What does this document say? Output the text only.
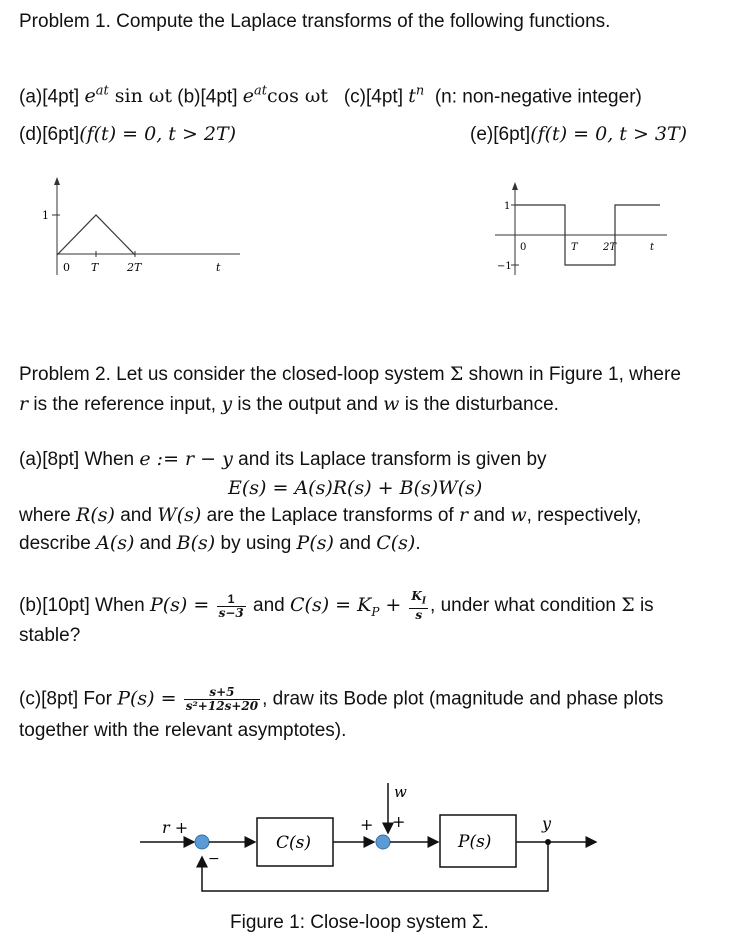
Problem 1. Compute the Laplace transforms of the following functions.
(a)[4pt] $e^{at}$ sin ωt (b)[4pt] $e^{at}\cos$ ωt (c)[4pt] $t^n$ (n: non-negative integer)
(d)[6pt](f(t) = 0, t > 2T)	(e)[6pt](f(t) = 0, t > 3T)
1
0 T	2T	t
1
−1
0	T	2T	t
Problem 2. Let us consider the closed-loop system Σ shown in Figure 1, where
r is the reference input, y is the output and w is the disturbance.
(a)[8pt] When e := r − y and its Laplace transform is given by
E(s) = A(s)R(s) + B(s)W(s)
where R(s) and W(s) are the Laplace transforms of r and w, respectively,
describe A(s) and B(s) by using P(s) and C(s).
(b)[10pt] When $P(s) = \frac{1}{s-3}$ and $C(s) = K_P + \frac{K_I}{s}$ , under what condition Σ is
stable?
(c)[8pt] For $P(s) = \frac{s+5}{\text{s²+12s+20}}$ , draw its Bode plot (magnitude and phase plots
together with the relevant asymptotes).
r +
−
C(s)
+
w
+
P(s)
y
Figure 1: Close-loop system Σ.
